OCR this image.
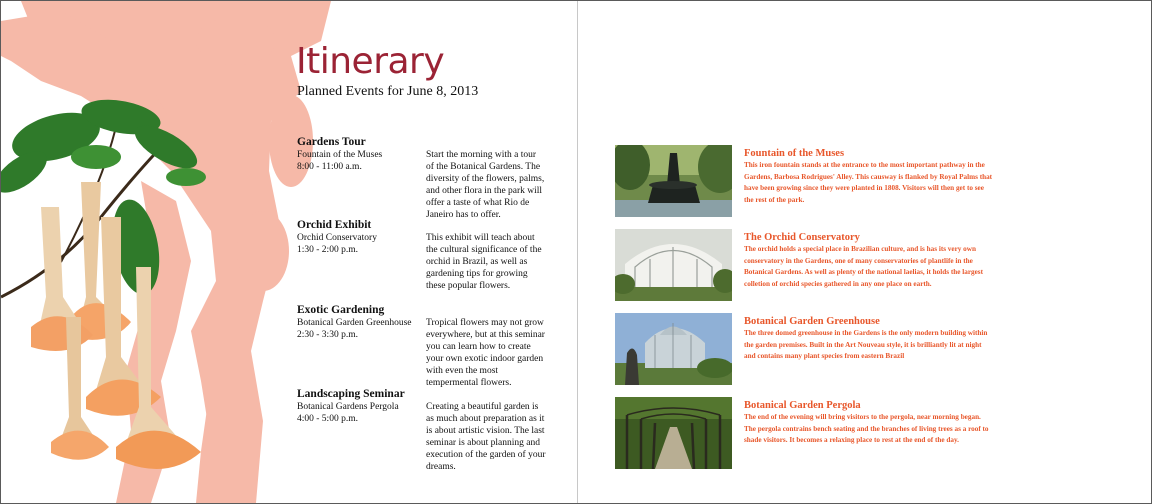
Itinerary
Planned Events for June 8, 2013
Gardens Tour
Fountain of the Muses
8:00 - 11:00 a.m.
Start the morning with a tour of the Botanical Gardens. The diversity of the flowers, palms, and other flora in the park will offer a taste of what Rio de Janeiro has to offer.
Orchid Exhibit
Orchid Conservatory
1:30 - 2:00 p.m.
This exhibit will teach about the cultural significance of the orchid in Brazil, as well as gardening tips for growing these popular flowers.
Exotic Gardening
Botanical Garden Greenhouse
2:30 - 3:30 p.m.
Tropical flowers may not grow everywhere, but at this seminar you can learn how to create your own exotic indoor garden with even the most tempermental flowers.
Landscaping Seminar
Botanical Gardens Pergola
4:00 - 5:00 p.m.
Creating a beautiful garden is as much about preparation as it is about artistic vision. The last seminar is about planning and execution of the garden of your dreams.
Fountain of the Muses
This iron fountain stands at the entrance to the most important pathway in the Gardens, Barbosa Rodrigues' Alley. This causway is flanked by Royal Palms that have been growing since they were planted in 1808. Visitors will then get to see the rest of the park.
The Orchid Conservatory
The orchid holds a special place in Brazilian culture, and is has its very own conservatory in the Gardens, one of many conservatories of plantlife in the Botanical Gardens. As well as plenty of the national laelias, it holds the largest colletion of orchid species gathered in any one place on earth.
Botanical Garden Greenhouse
The three domed greenhouse in the Gardens is the only modern building within the garden premises. Built in the Art Nouveau style, it is brilliantly lit at night and contains many plant species from eastern Brazil
Botanical Garden Pergola
The end of the evening will bring visitors to the pergola, near morning began. The pergola contrains bench seating and the branches of living trees as a roof to shade visitors. It becomes a relaxing place to rest at the end of the day.
